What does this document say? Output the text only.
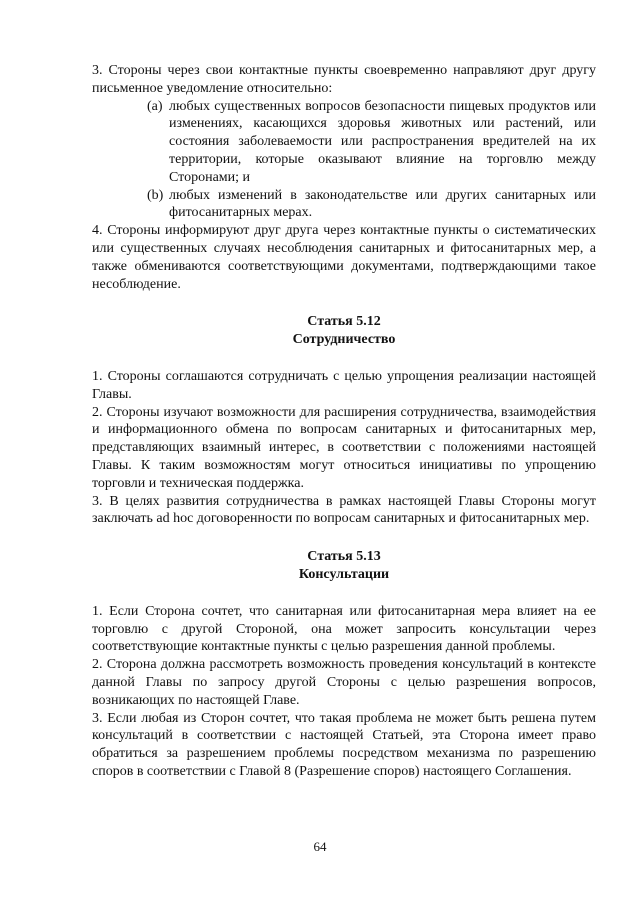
3. Стороны через свои контактные пункты своевременно направляют друг другу письменное уведомление относительно:

(a) любых существенных вопросов безопасности пищевых продуктов или изменениях, касающихся здоровья животных или растений, или состояния заболеваемости или распространения вредителей на их территории, которые оказывают влияние на торговлю между Сторонами; и
(b) любых изменений в законодательстве или других санитарных или фитосанитарных мерах.

4. Стороны информируют друг друга через контактные пункты о систематических или существенных случаях несоблюдения санитарных и фитосанитарных мер, а также обмениваются соответствующими документами, подтверждающими такое несоблюдение.

Статья 5.12

Сотрудничество

1. Стороны соглашаются сотрудничать с целью упрощения реализации настоящей Главы.

2. Стороны изучают возможности для расширения сотрудничества, взаимодействия и информационного обмена по вопросам санитарных и фитосанитарных мер, представляющих взаимный интерес, в соответствии с положениями настоящей Главы. К таким возможностям могут относиться инициативы по упрощению торговли и техническая поддержка.

3. В целях развития сотрудничества в рамках настоящей Главы Стороны могут заключать ad hoc договоренности по вопросам санитарных и фитосанитарных мер.

Статья 5.13

Консультации

1. Если Сторона сочтет, что санитарная или фитосанитарная мера влияет на ее торговлю с другой Стороной, она может запросить консультации через соответствующие контактные пункты с целью разрешения данной проблемы.

2. Сторона должна рассмотреть возможность проведения консультаций в контексте данной Главы по запросу другой Стороны с целью разрешения вопросов, возникающих по настоящей Главе.

3. Если любая из Сторон сочтет, что такая проблема не может быть решена путем консультаций в соответствии с настоящей Статьей, эта Сторона имеет право обратиться за разрешением проблемы посредством механизма по разрешению споров в соответствии с Главой 8 (Разрешение споров) настоящего Соглашения.

64
